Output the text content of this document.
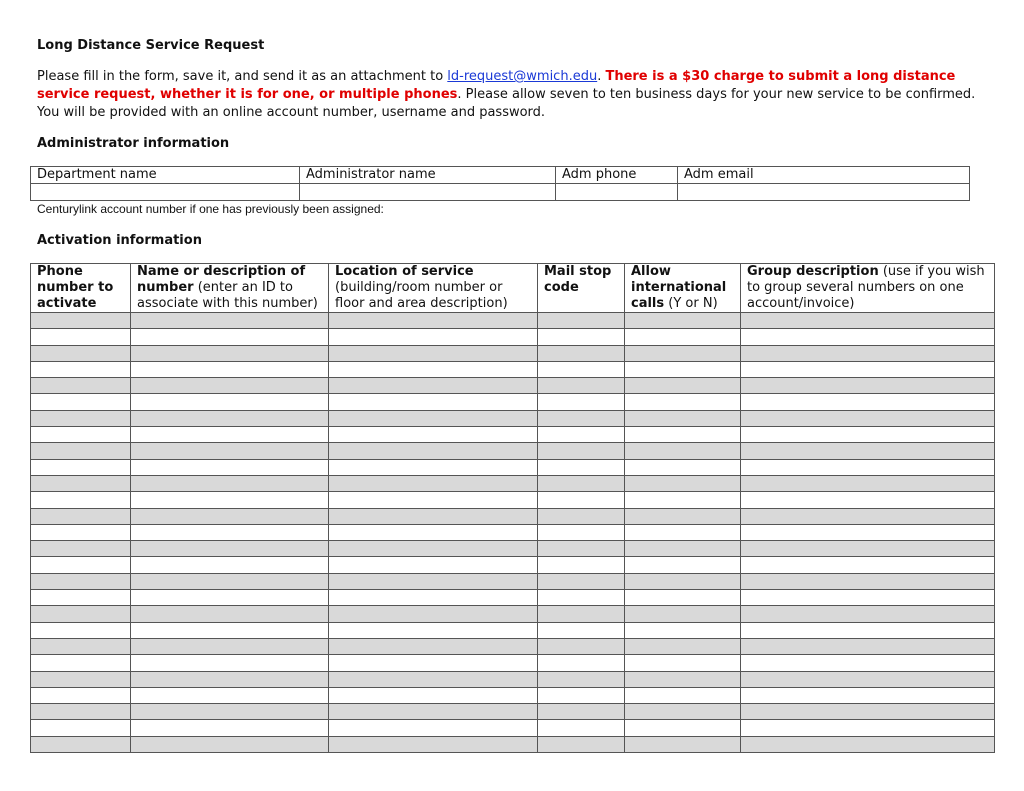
Long Distance Service Request
Please fill in the form, save it, and send it as an attachment to ld-request@wmich.edu. There is a $30 charge to submit a long distance service request, whether it is for one, or multiple phones. Please allow seven to ten business days for your new service to be confirmed. You will be provided with an online account number, username and password.
Administrator information
Department name	Administrator name	Adm phone	Adm email

Centurylink account number if one has previously been assigned:
Activation information
Phone number to activate	Name or description of number (enter an ID to associate with this number)	Location of service (building/room number or floor and area description)	Mail stop code	Allow international calls (Y or N)	Group description (use if you wish to group several numbers on one account/invoice)
